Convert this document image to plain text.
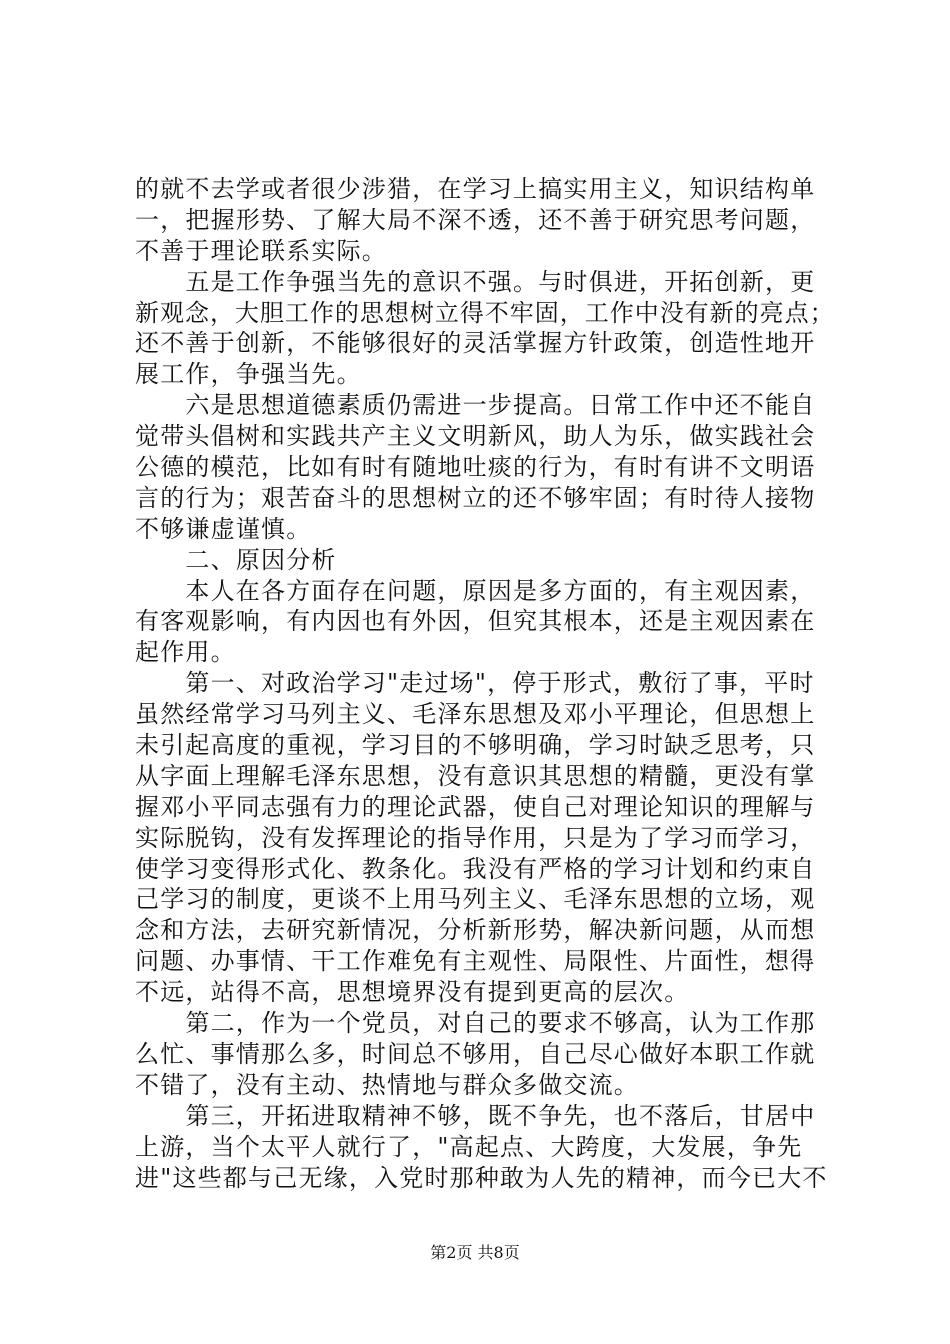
的就不去学或者很少涉猎，在学习上搞实用主义，知识结构单
一，把握形势、了解大局不深不透，还不善于研究思考问题，
不善于理论联系实际。
　　五是工作争强当先的意识不强。与时俱进，开拓创新，更
新观念，大胆工作的思想树立得不牢固，工作中没有新的亮点；
还不善于创新，不能够很好的灵活掌握方针政策，创造性地开
展工作，争强当先。
　　六是思想道德素质仍需进一步提高。日常工作中还不能自
觉带头倡树和实践共产主义文明新风，助人为乐，做实践社会
公德的模范，比如有时有随地吐痰的行为，有时有讲不文明语
言的行为；艰苦奋斗的思想树立的还不够牢固；有时待人接物
不够谦虚谨慎。
　　二、原因分析
　　本人在各方面存在问题，原因是多方面的，有主观因素，
有客观影响，有内因也有外因，但究其根本，还是主观因素在
起作用。
　　第一、对政治学习"走过场"，停于形式，敷衍了事，平时
虽然经常学习马列主义、毛泽东思想及邓小平理论，但思想上
未引起高度的重视，学习目的不够明确，学习时缺乏思考，只
从字面上理解毛泽东思想，没有意识其思想的精髓，更没有掌
握邓小平同志强有力的理论武器，使自己对理论知识的理解与
实际脱钩，没有发挥理论的指导作用，只是为了学习而学习，
使学习变得形式化、教条化。我没有严格的学习计划和约束自
己学习的制度，更谈不上用马列主义、毛泽东思想的立场，观
念和方法，去研究新情况，分析新形势，解决新问题，从而想
问题、办事情、干工作难免有主观性、局限性、片面性，想得
不远，站得不高，思想境界没有提到更高的层次。
　　第二，作为一个党员，对自己的要求不够高，认为工作那
么忙、事情那么多，时间总不够用，自己尽心做好本职工作就
不错了，没有主动、热情地与群众多做交流。
　　第三，开拓进取精神不够，既不争先，也不落后，甘居中
上游，当个太平人就行了，"高起点、大跨度，大发展，争先
进"这些都与己无缘，入党时那种敢为人先的精神，而今已大不
第2页 共8页
